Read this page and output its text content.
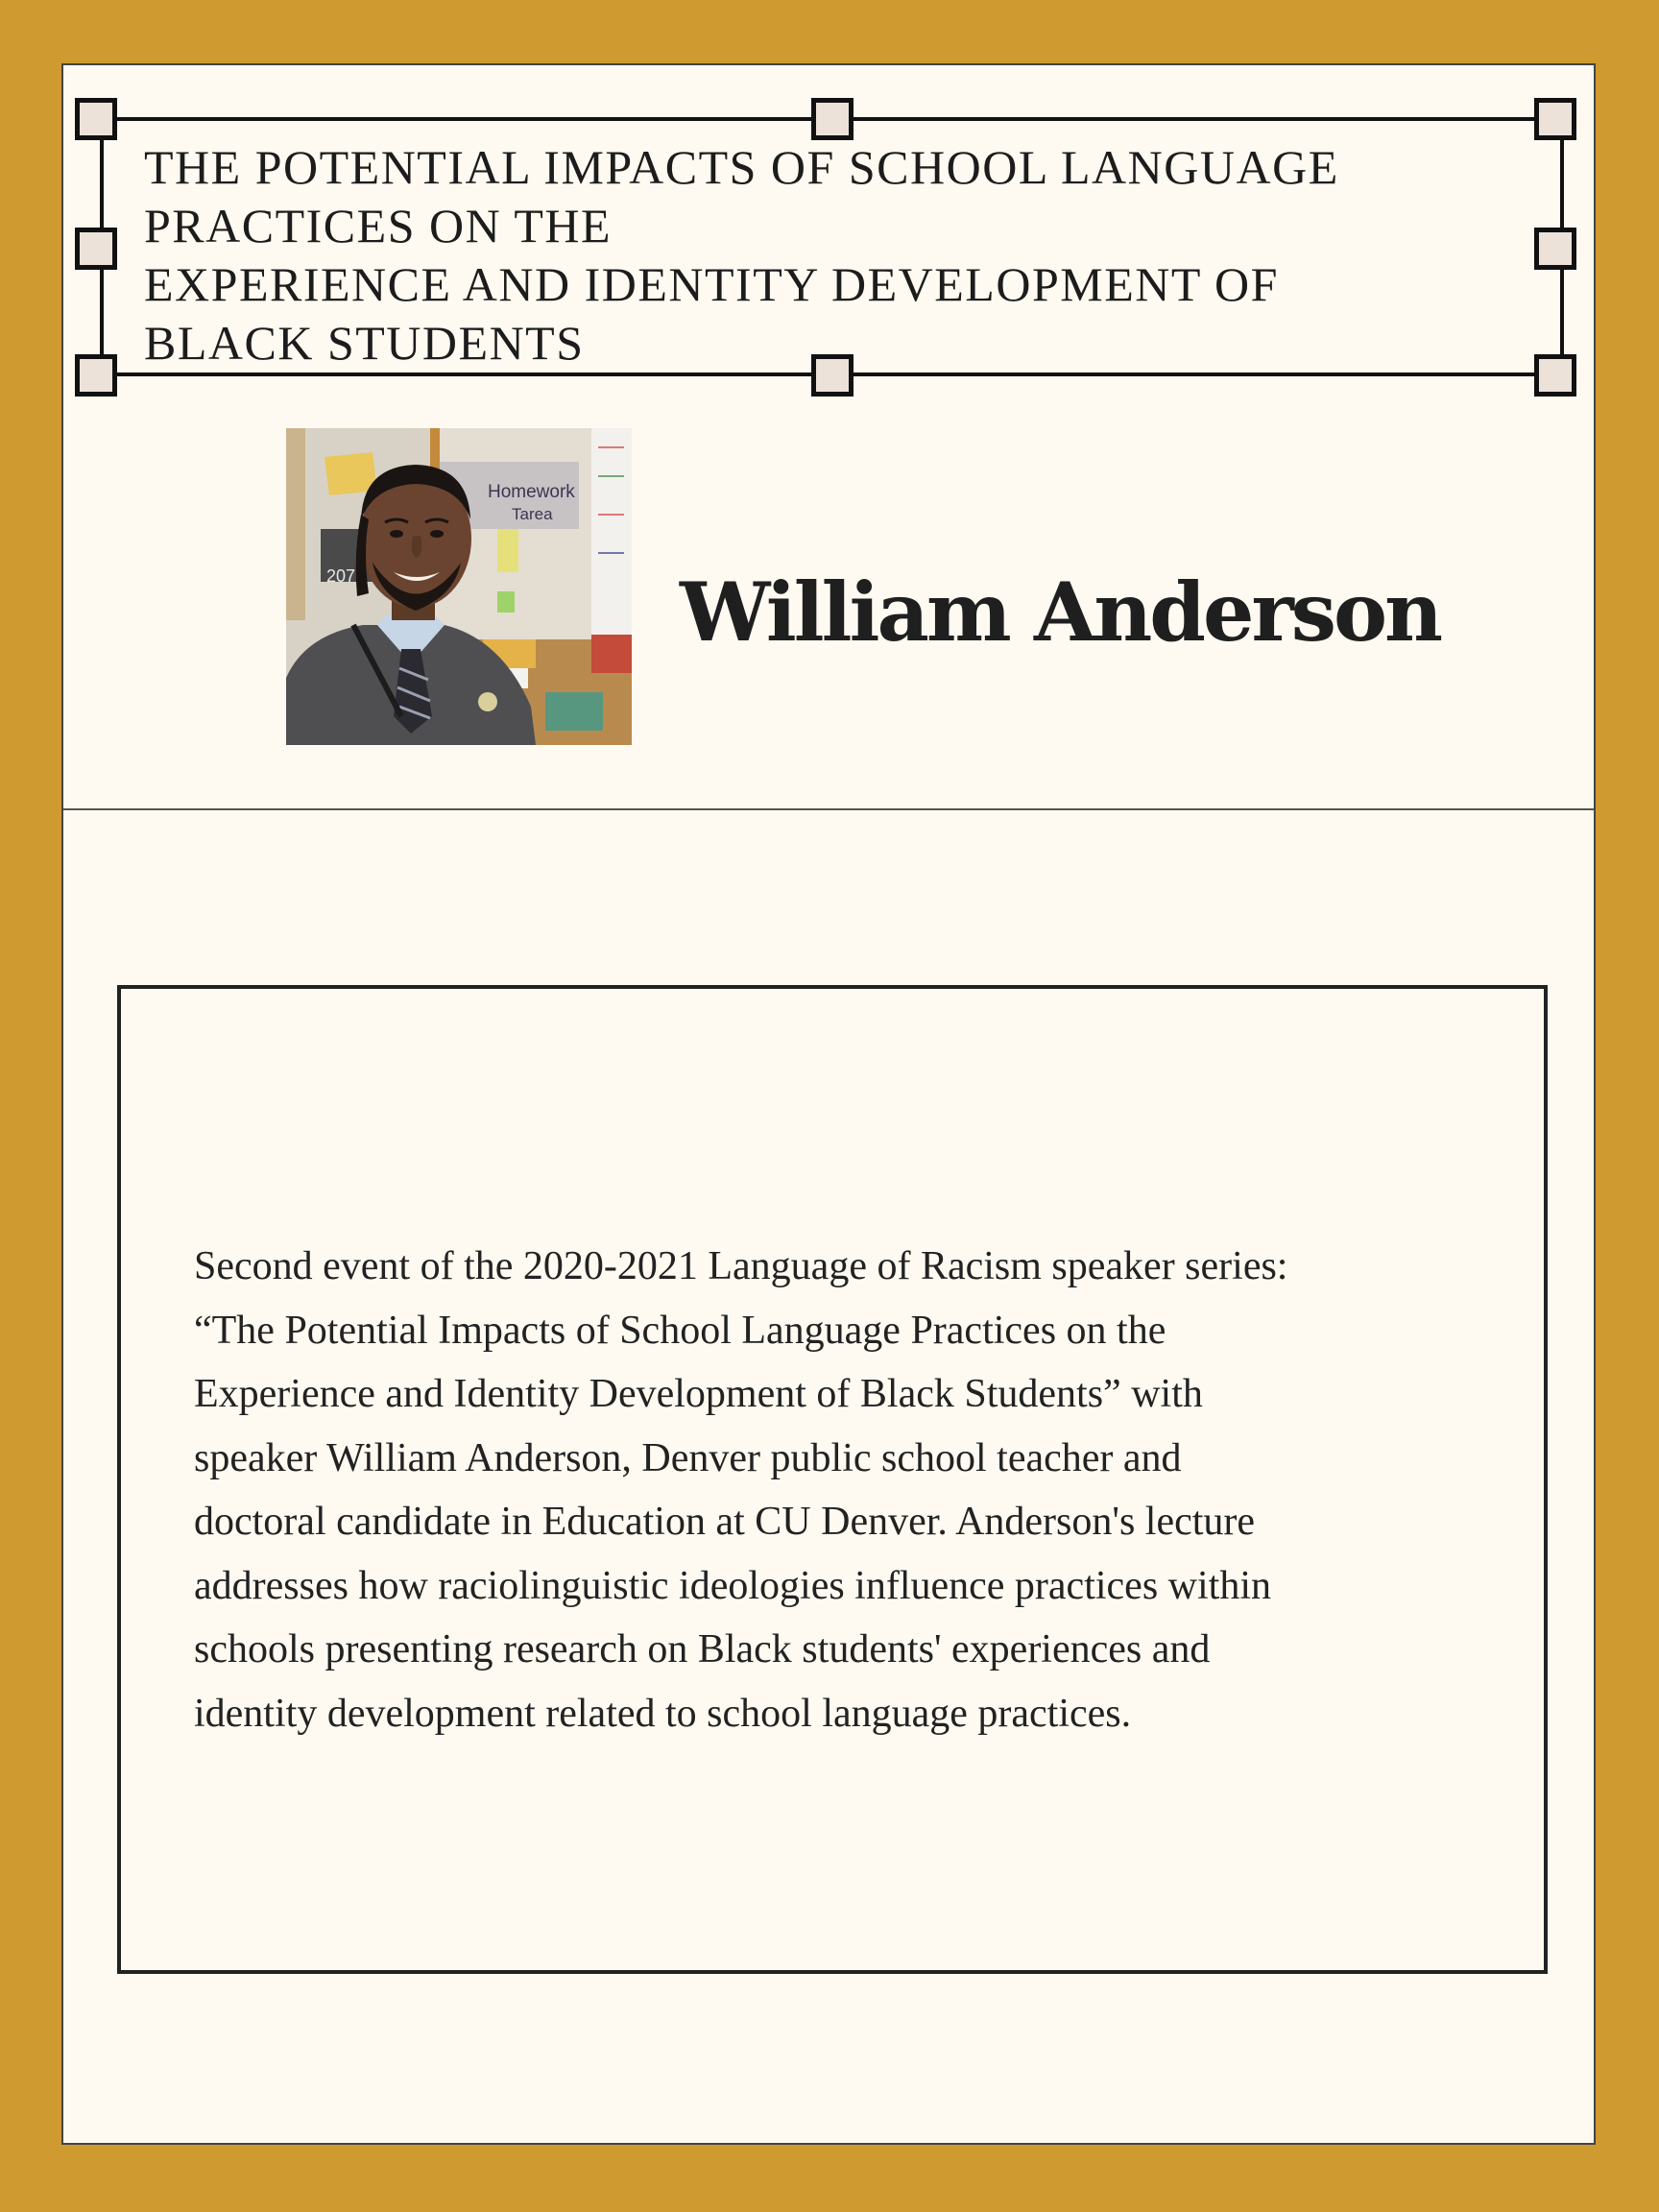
THE POTENTIAL IMPACTS OF SCHOOL LANGUAGE
PRACTICES ON THE
EXPERIENCE AND IDENTITY DEVELOPMENT OF
BLACK STUDENTS
207
Homework
Tarea
William Anderson

Second event of the 2020-2021 Language of Racism speaker series:
“The Potential Impacts of School Language Practices on the
Experience and Identity Development of Black Students” with
speaker William Anderson, Denver public school teacher and
doctoral candidate in Education at CU Denver. Anderson's lecture
addresses how raciolinguistic ideologies influence practices within
schools presenting research on Black students' experiences and
identity development related to school language practices.
